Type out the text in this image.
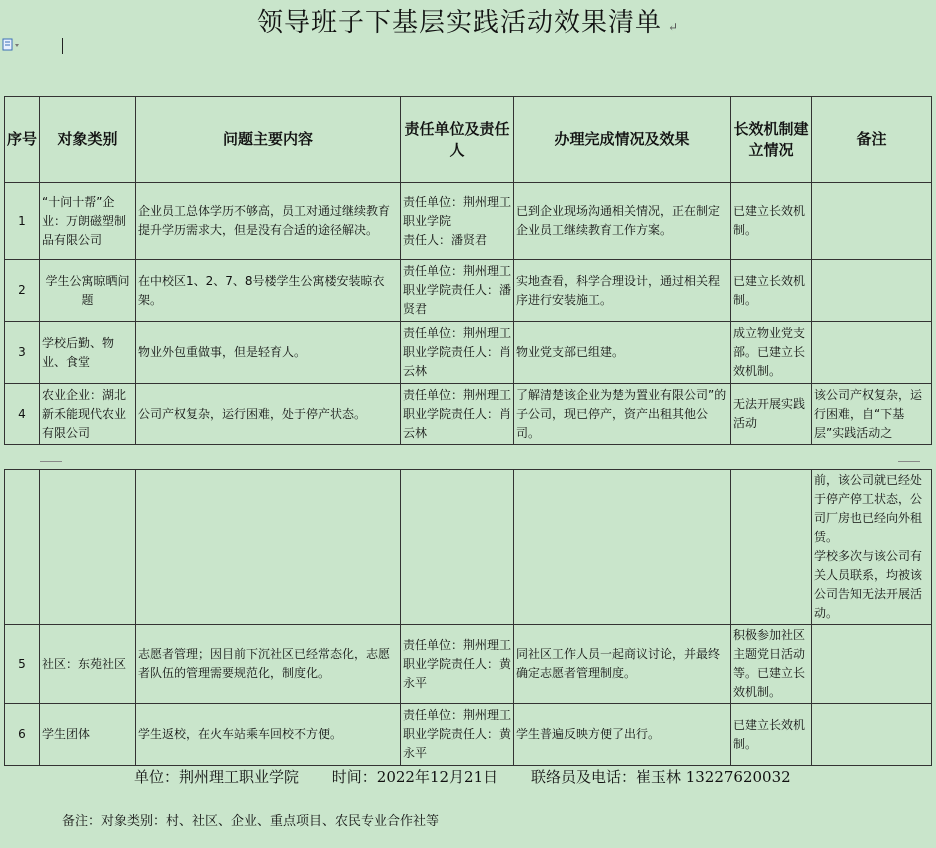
领导班子下基层实践活动效果清单 ↵
序号	对象类别	问题主要内容	责任单位及责任人	办理完成情况及效果	长效机制建立情况	备注
1	“十问十帮”企业：万朗磁塑制品有限公司	企业员工总体学历不够高，员工对通过继续教育提升学历需求大，但是没有合适的途径解决。	责任单位：荆州理工职业学院
责任人：潘贤君	已到企业现场沟通相关情况，正在制定企业员工继续教育工作方案。	已建立长效机制。	
2	学生公寓晾晒问题	在中校区1、2、7、8号楼学生公寓楼安装晾衣架。	责任单位：荆州理工职业学院责任人：潘贤君	实地查看，科学合理设计，通过相关程序进行安装施工。	已建立长效机制。	
3	学校后勤、物业、食堂	物业外包重做事，但是轻育人。	责任单位：荆州理工职业学院责任人：肖云林	物业党支部已组建。	成立物业党支部。已建立长效机制。	
4	农业企业：湖北新禾能现代农业有限公司	公司产权复杂，运行困难，处于停产状态。	责任单位：荆州理工职业学院责任人：肖云林	了解清楚该企业为楚为置业有限公司”的子公司，现已停产，资产出租其他公司。	无法开展实践活动	该公司产权复杂，运行困难，自“下基层”实践活动之
						前，该公司就已经处于停产停工状态，公司厂房也已经向外租赁。
学校多次与该公司有关人员联系，均被该公司告知无法开展活动。
5	社区：东苑社区	志愿者管理；因目前下沉社区已经常态化，志愿者队伍的管理需要规范化，制度化。	责任单位：荆州理工职业学院责任人：黄永平	同社区工作人员一起商议讨论，并最终确定志愿者管理制度。	积极参加社区主题党日活动等。已建立长效机制。	
6	学生团体	学生返校，在火车站乘车回校不方便。	责任单位：荆州理工职业学院责任人：黄永平	学生普遍反映方便了出行。	已建立长效机制。	
单位：荆州理工职业学院 时间：2022年12月21日 联络员及电话：崔玉林 13227620032
备注：对象类别：村、社区、企业、重点项目、农民专业合作社等
